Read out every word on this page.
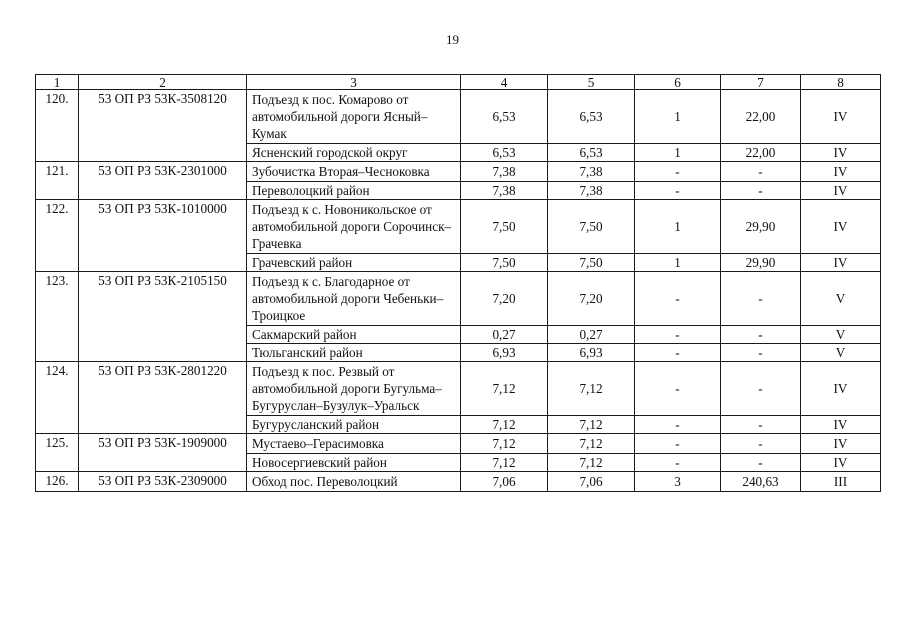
19
1	2	3	4	5	6	7	8
120.	53 ОП РЗ 53К-3508120	Подъезд к пос. Комарово от автомобильной дороги Ясный–Кумак	6,53	6,53	1	22,00	IV
		Ясненский городской округ	6,53	6,53	1	22,00	IV
121.	53 ОП РЗ 53К-2301000	Зубочистка Вторая–Чесноковка	7,38	7,38	-	-	IV
		Переволоцкий район	7,38	7,38	-	-	IV
122.	53 ОП РЗ 53К-1010000	Подъезд к с. Новоникольское от автомобильной дороги Сорочинск–Грачевка	7,50	7,50	1	29,90	IV
		Грачевский район	7,50	7,50	1	29,90	IV
123.	53 ОП РЗ 53К-2105150	Подъезд к с. Благодарное от автомобильной дороги Чебеньки–Троицкое	7,20	7,20	-	-	V
		Сакмарский район	0,27	0,27	-	-	V
		Тюльганский район	6,93	6,93	-	-	V
124.	53 ОП РЗ 53К-2801220	Подъезд к пос. Резвый от автомобильной дороги Бугульма–Бугуруслан–Бузулук–Уральск	7,12	7,12	-	-	IV
		Бугурусланский район	7,12	7,12	-	-	IV
125.	53 ОП РЗ 53К-1909000	Мустаево–Герасимовка	7,12	7,12	-	-	IV
		Новосергиевский район	7,12	7,12	-	-	IV
126.	53 ОП РЗ 53К-2309000	Обход пос. Переволоцкий	7,06	7,06	3	240,63	III
